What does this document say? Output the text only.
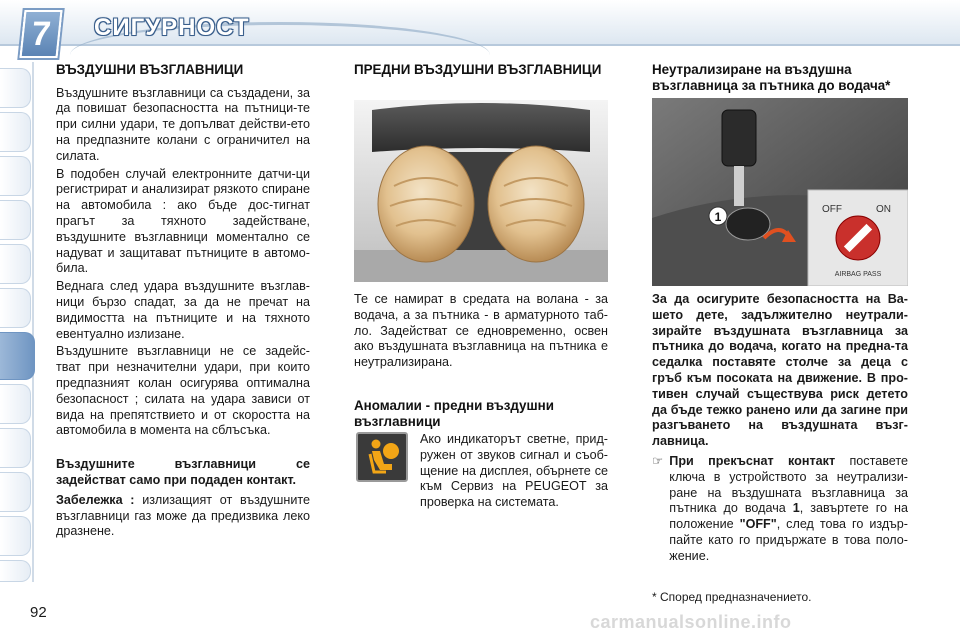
7	СИГУРНОСТ
ВЪЗДУШНИ ВЪЗГЛАВНИЦИ

Въздушните възглавници са създадени, за да повишат безопасността на пътници-те при силни удари, те допълват действи-ето на предпазните колани с ограничител на силата.

В подобен случай електронните датчи-ци регистрират и анализират рязкото спиране на автомобила : ако бъде дос-тигнат прагът за тяхното задействане, въздушните възглавници моментално се надуват и защитават пътниците в автомо-била.

Веднага след удара въздушните възглав-ници бързо спадат, за да не пречат на видимостта на пътниците и на тяхното евентуално излизане.

Въздушните възглавници не се задейс-тват при незначителни удари, при които предпазният колан осигурява оптимална безопасност ; силата на удара зависи от вида на препятствието и от скоростта на автомобила в момента на сблъсъка.

Въздушните възглавници се задействат само при подаден контакт.

Забележка : излизащият от въздушните възглавници газ може да предизвика леко дразнене.

ПРЕДНИ ВЪЗДУШНИ ВЪЗГЛАВНИЦИ

Те се намират в средата на волана - за водача, а за пътника - в арматурното таб-ло. Задействат се едновременно, освен ако въздушната възглавница на пътника е неутрализирана.

Аномалии - предни въздушни възглавници

Ако индикаторът светне, прид-ружен от звуков сигнал и съоб-щение на дисплея, обърнете се към Сервиз на PEUGEOT за проверка на системата.

Неутрализиране на въздушна възглавница за пътника до водача*
1
OFF	ON
AIRBAG PASS

За да осигурите безопасността на Ва-шето дете, задължително неутрали-зирайте въздушната възглавница за пътника до водача, когато на предна-та седалка поставяте столче за деца с гръб към посоката на движение. В про-тивен случай съществува риск детето да бъде тежко ранено или да загине при разгъването на въздушната възг-лавница.

☞ При прекъснат контакт поставете ключа в устройството за неутрализи-ране на въздушната възглавница за пътника до водача 1, завъртете го на положение "OFF", след това го издър-пайте като го придържате в това поло-жение.

* Според предназначението.
92	carmanualsonline.info
